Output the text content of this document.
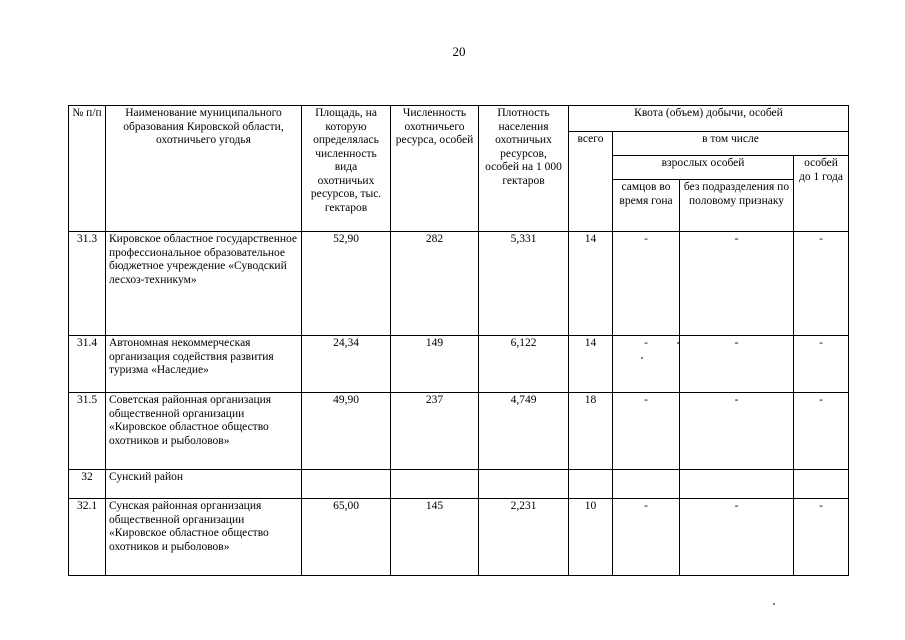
20
№ п/п	Наименование муниципального образования Кировской области, охотничьего угодья	Площадь, на которую определялась численность вида охотничьих ресурсов, тыс. гектаров	Численность охотничьего ресурса, особей	Плотность населения охотничьих ресурсов, особей на 1 000 гектаров	Квота (объем) добычи, особей			
					всего	в том числе		
						взрослых особей		особей до 1 года
						самцов во время гона	без подразделения по половому признаку	
31.3	Кировское областное государственное профессиональное образовательное бюджетное учреждение «Суводский лесхоз-техникум»	52,90	282	5,331	14	-	-	-
31.4	Автономная некоммерческая организация содействия развития туризма «Наследие»	24,34	149	6,122	14	-	-	-
31.5	Советская районная организация общественной организации «Кировское областное общество охотников и рыболовов»	49,90	237	4,749	18	-	-	-
32	Сунский район							
32.1	Сунская районная организация общественной организации «Кировское областное общество охотников и рыболовов»	65,00	145	2,231	10	-	-	-
